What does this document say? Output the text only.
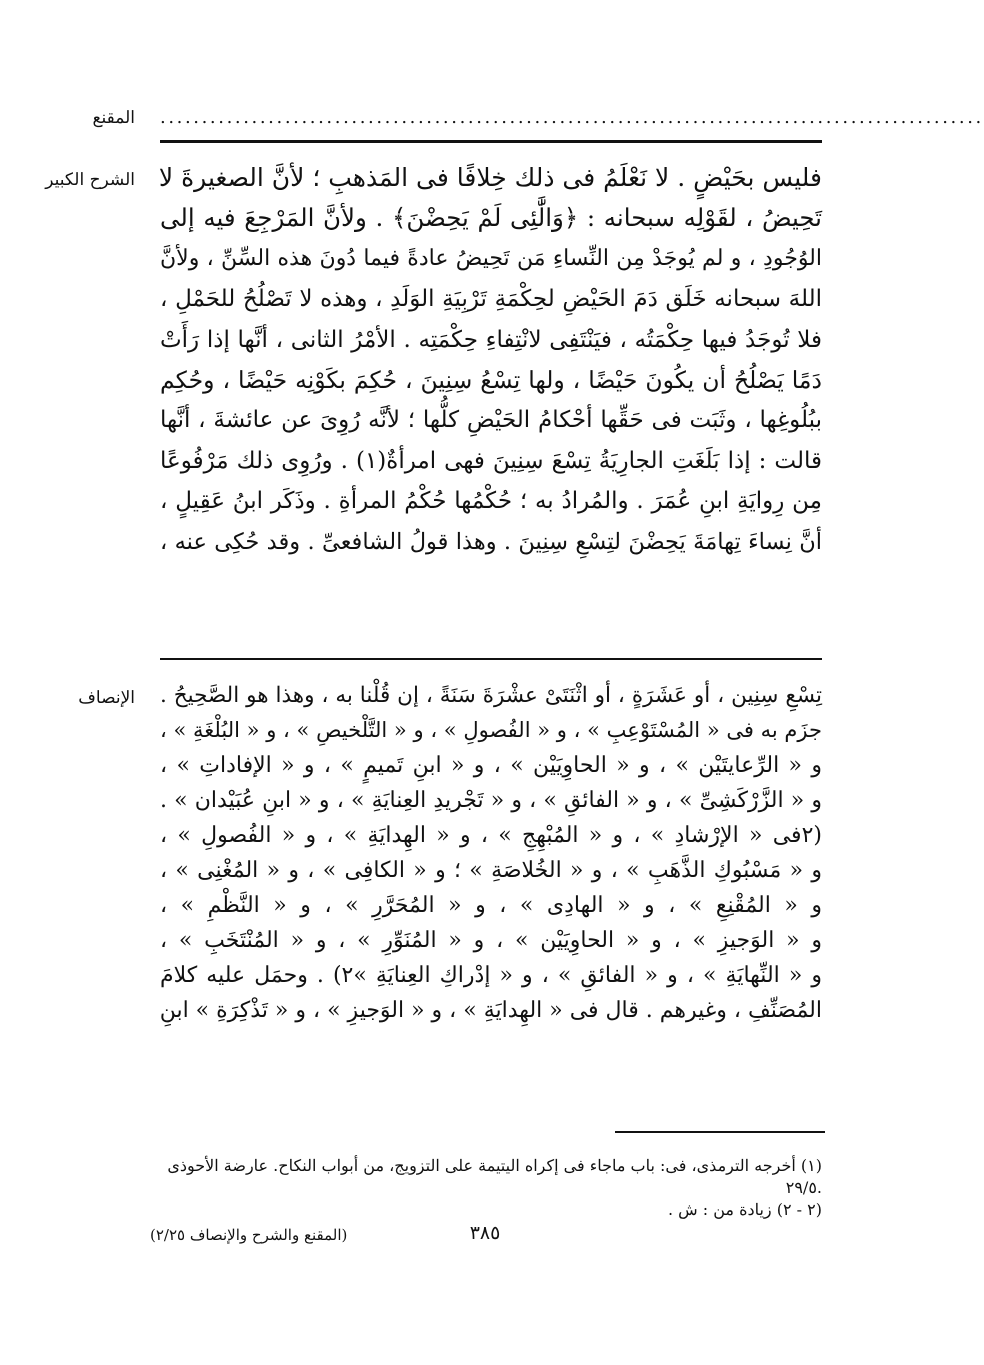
المقنع ...................................................................................................
الشرح الكبير فليس بحَيْضٍ . لا نَعْلَمُ فى ذلك خِلافًا فى المَذهبِ ؛ لأنَّ الصغيرةَ لا
تَحِيضُ ، لقَوْلِه سبحانه : ﴿وَالَّٰئِى لَمْ يَحِضْنَ﴾ . ولأنَّ المَرْجِعَ فيه إلى
الوُجُودِ ، و لم يُوجَدْ مِن النِّساءِ مَن تَحِيضُ عادةً فيما دُونَ هذه السِّنِّ ، ولأنَّ
اللهَ سبحانه خَلَق دَمَ الحَيْضِ لحِكْمَةِ تَرْبِيَةِ الوَلَدِ ، وهذه لا تَصْلُحُ للحَمْلِ ،
فلا تُوجَدُ فيها حِكْمَتُه ، فيَنْتَفِى لانْتِفاءِ حِكْمَتِه . الأمْرُ الثانى ، أنَّها إذا رَأَتْ
دَمًا يَصْلُحُ أن يكُونَ حَيْضًا ، ولها تِسْعُ سِنِينَ ، حُكِمَ بكَوْنِه حَيْضًا ، وحُكِم
ببُلُوغِها ، وثَبَت فى حَقِّها أحْكامُ الحَيْضِ كلُّها ؛ لأنَّه رُوِىَ عن عائشةَ ، أنَّها
قالت : إذا بَلَغَتِ الجارِيَةُ تِسْعَ سِنِينَ فهى امرأةٌ(١) . ورُوِى ذلك مَرْفُوعًا
مِن رِوايَةِ ابنِ عُمَرَ . والمُرادُ به ؛ حُكْمُها حُكْمُ المرأةِ . وذَكَر ابنُ عَقِيلٍ ،
أنَّ نِساءَ تِهامَةَ يَحِضْنَ لتِسْعِ سِنِينَ . وهذا قولُ الشافعىِّ . وقد حُكِى عنه ،
الإنصاف تِسْعِ سِنِين ، أو عَشَرَةٍ ، أو اثْنَتَىْ عشْرَةَ سَنَةً ، إن قُلْنا به ، وهذا هو الصَّحِيحُ .
جزَم به فى « المُسْتَوْعِبِ » ، و « الفُصولِ » ، و « التَّلْخيصِ » ، و « البُلْغَةِ » ،
و « الرِّعايتَيْن » ، و « الحاوِيَيْن » ، و « ابنِ تَميمٍ » ، و « الإفاداتِ » ،
و « الزَّرْكَشِىِّ » ، و « الفائقِ » ، و « تَجْريدِ العِنايَةِ » ، و « ابنِ عُبَيْدان » .
(٢فى « الإرْشادِ » ، و « المُبْهِجِ » ، و « الهِدايَةِ » ، و « الفُصولِ » ،
و « مَسْبُوكِ الذَّهَبِ » ، و « الخُلاصَةِ » ؛ و « الكافِى » ، و « المُغْنِى » ،
و « المُقْنِعِ » ، و « الهادِى » ، و « المُحَرَّرِ » ، و « النَّظْمِ » ،
و « الوَجيزِ » ، و « الحاوِيَيْن » ، و « المُنَوِّرِ » ، و « المُنْتَخَبِ » ،
و « النِّهايَةِ » ، و « الفائقِ » ، و « إدْراكِ العِنايَةِ »٢) . وحمَل عليه كلامَ
المُصَنِّفِ ، وغيرهم . قال فى « الهِدايَةِ » ، و « الوَجيزِ » ، و « تَذْكِرَةِ » ابنِ
(١) أخرجه الترمذى، فى: باب ماجاء فى إكراه اليتيمة على التزويج، من أبواب النكاح. عارضة الأحوذى
.٢٩/٥
(٢ - ٢) زيادة من : ش .
٣٨٥
(المقنع والشرح والإنصاف ٢/٢٥)
